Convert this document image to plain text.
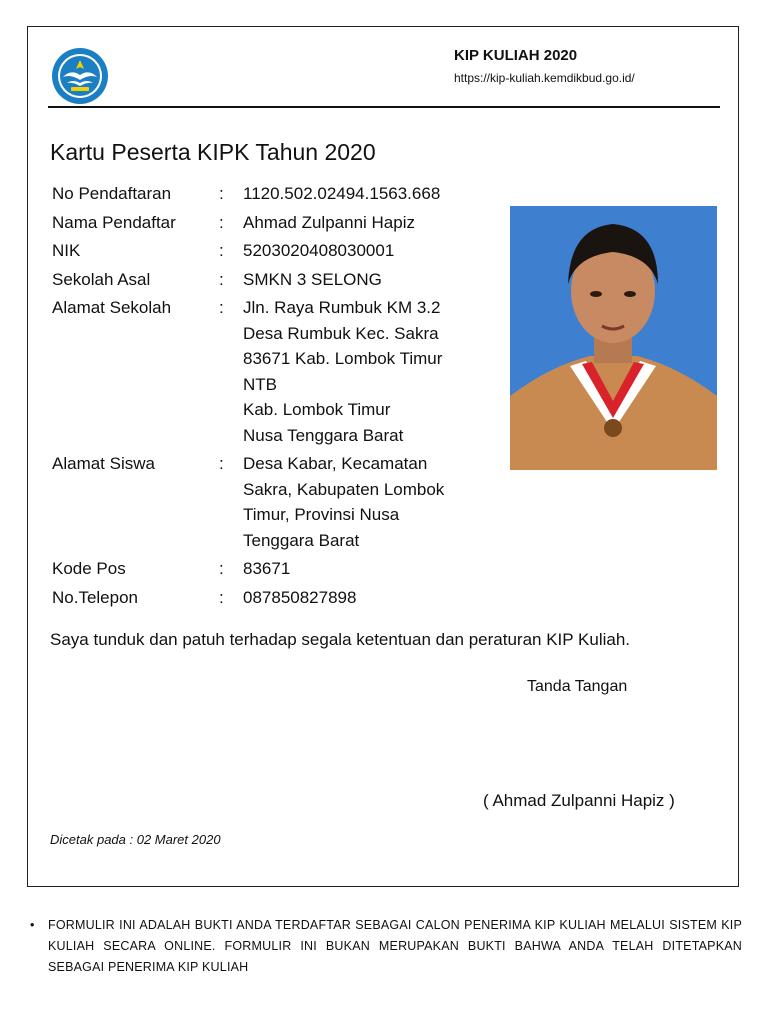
KIP KULIAH 2020
https://kip-kuliah.kemdikbud.go.id/
Kartu Peserta KIPK Tahun 2020
No Pendaftaran	:	1120.502.02494.1563.668
Nama Pendaftar	:	Ahmad Zulpanni Hapiz
NIK	:	5203020408030001
Sekolah Asal	:	SMKN 3 SELONG
Alamat Sekolah	:	Jln. Raya Rumbuk KM 3.2
Desa Rumbuk Kec. Sakra
83671 Kab. Lombok Timur
NTB
Kab. Lombok Timur
Nusa Tenggara Barat
Alamat Siswa	:	Desa Kabar, Kecamatan
Sakra, Kabupaten Lombok
Timur, Provinsi Nusa
Tenggara Barat
Kode Pos	:	83671
No.Telepon	:	087850827898
Saya tunduk dan patuh terhadap segala ketentuan dan peraturan KIP Kuliah.
Tanda Tangan
( Ahmad Zulpanni Hapiz )
Dicetak pada : 02 Maret 2020
• FORMULIR INI ADALAH BUKTI ANDA TERDAFTAR SEBAGAI CALON PENERIMA KIP KULIAH MELALUI SISTEM KIP KULIAH SECARA ONLINE. FORMULIR INI BUKAN MERUPAKAN BUKTI BAHWA ANDA TELAH DITETAPKAN SEBAGAI PENERIMA KIP KULIAH
